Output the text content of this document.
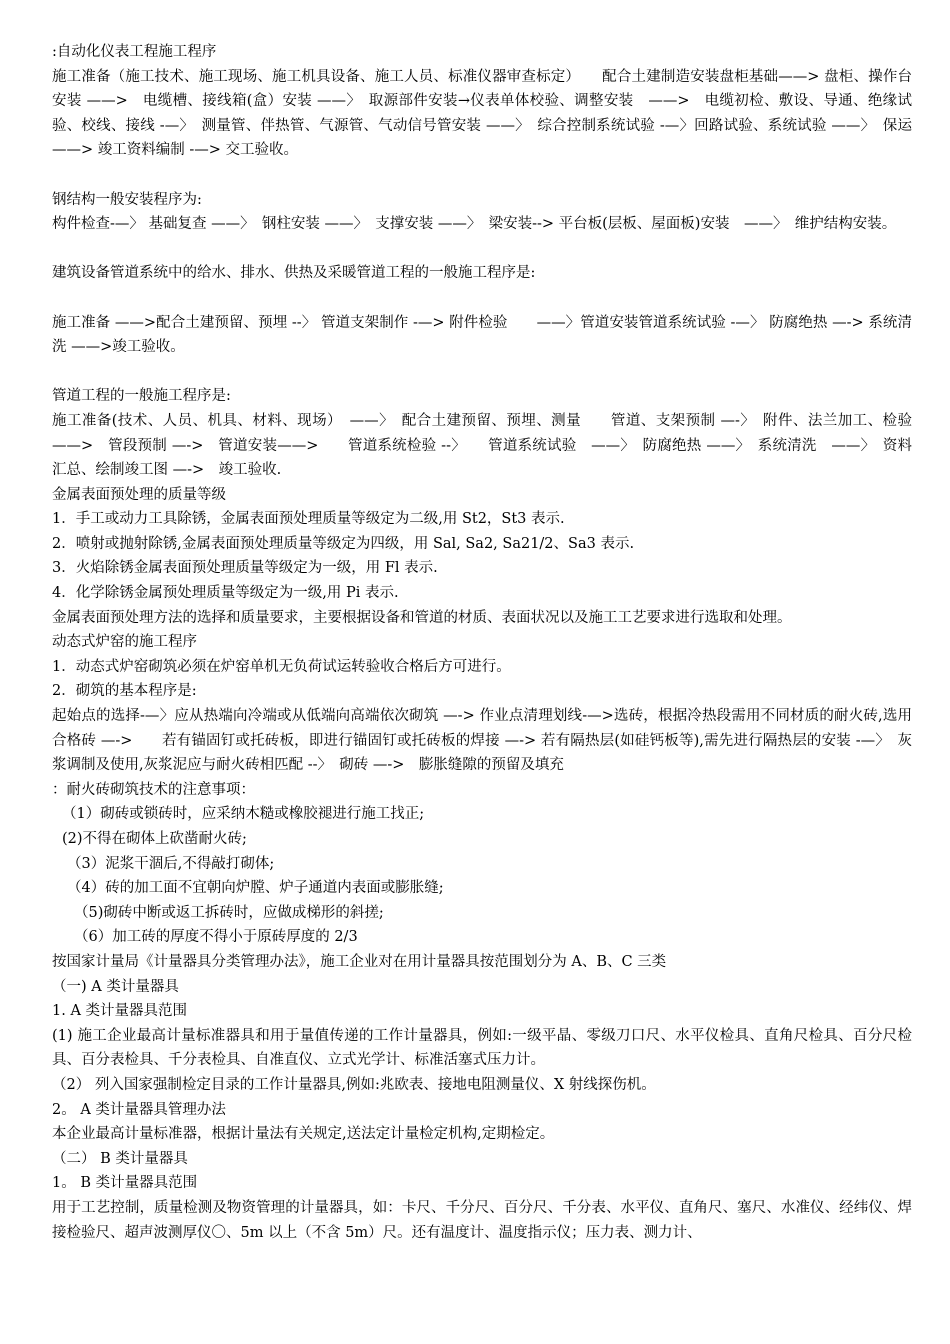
:自动化仪表工程施工程序

施工准备（施工技术、施工现场、施工机具设备、施工人员、标准仪器审查标定）　　配合土建制造安装盘柜基础——> 盘柜、操作台安装 ——>　电缆槽、接线箱(盒）安装 ——〉　取源部件安装→仪表单体校验、调整安装　——>　电缆初检、敷设、导通、绝缘试验、校线、接线 -—〉　测量管、伴热管、气源管、气动信号管安装 ——〉　综合控制系统试验 -—〉回路试验、系统试验 ——〉　保运 ——> 竣工资料编制 -—> 交工验收。

钢结构一般安装程序为:

构件检查-—〉 基础复查 ——〉　钢柱安装 ——〉　支撑安装 ——〉　梁安装--> 平台板(层板、屋面板)安装　——〉　维护结构安装。

建筑设备管道系统中的给水、排水、供热及采暖管道工程的一般施工程序是:

施工准备 ——>配合土建预留、预埋 --〉 管道支架制作 -—> 附件检验　　——〉管道安装管道系统试验 -—〉 防腐绝热 —-> 系统清洗 ——>竣工验收。

管道工程的一般施工程序是:

施工准备(技术、人员、机具、材料、现场）　——〉　配合土建预留、预埋、测量　　管道、支架预制 —-〉　附件、法兰加工、检验　——>　管段预制 —->　管道安装——>　　管道系统检验 --〉　　管道系统试验　——〉　防腐绝热 ——〉　系统清洗　——〉　资料汇总、绘制竣工图 —->　竣工验收.

金属表面预处理的质量等级

1．手工或动力工具除锈，金属表面预处理质量等级定为二级,用 St2，St3 表示.

2．喷射或抛射除锈,金属表面预处理质量等级定为四级，用 Sal, Sa2, Sa21/2、Sa3 表示.

3．火焰除锈金属表面预处理质量等级定为一级，用 Fl 表示.

4．化学除锈金属预处理质量等级定为一级,用 Pi 表示.

金属表面预处理方法的选择和质量要求，主要根据设备和管道的材质、表面状况以及施工工艺要求进行选取和处理。

动态式炉窑的施工程序

1．动态式炉窑砌筑必须在炉窑单机无负荷试运转验收合格后方可进行。

2．砌筑的基本程序是:

起始点的选择-—〉应从热端向冷端或从低端向高端依次砌筑 —-> 作业点清理划线-—>选砖，根据冷热段需用不同材质的耐火砖,选用合格砖 —->　　若有锚固钉或托砖板，即进行锚固钉或托砖板的焊接 —-> 若有隔热层(如硅钙板等),需先进行隔热层的安装 -—〉　灰浆调制及使用,灰浆泥应与耐火砖相匹配 --〉　砌砖 —->　膨胀缝隙的预留及填充

：耐火砖砌筑技术的注意事项：

（1）砌砖或锁砖时，应采纳木糙或橡胶褪进行施工找正;

(2)不得在砌体上砍凿耐火砖;

（3）泥浆干涸后,不得敲打砌体;

（4）砖的加工面不宜朝向炉膛、炉子通道内表面或膨胀缝;

（5)砌砖中断或返工拆砖时，应做成梯形的斜搓;

（6）加工砖的厚度不得小于原砖厚度的 2/3

按国家计量局《计量器具分类管理办法》，施工企业对在用计量器具按范围划分为 A、B、C 三类

（一) A 类计量器具

1. A 类计量器具范围

(1) 施工企业最高计量标准器具和用于量值传递的工作计量器具，例如:一级平晶、零级刀口尺、水平仪检具、直角尺检具、百分尺检具、百分表检具、千分表检具、自准直仪、立式光学计、标准活塞式压力计。

（2） 列入国家强制检定目录的工作计量器具,例如:兆欧表、接地电阻测量仪、X 射线探伤机。

2。 A 类计量器具管理办法

本企业最高计量标准器，根据计量法有关规定,送法定计量检定机构,定期检定。

（二） B 类计量器具

1。 B 类计量器具范围

用于工艺控制，质量检测及物资管理的计量器具，如：卡尺、千分尺、百分尺、千分表、水平仪、直角尺、塞尺、水准仪、经纬仪、焊接检验尺、超声波测厚仪〇、5m 以上（不含 5m）尺。还有温度计、温度指示仪；压力表、测力计、
